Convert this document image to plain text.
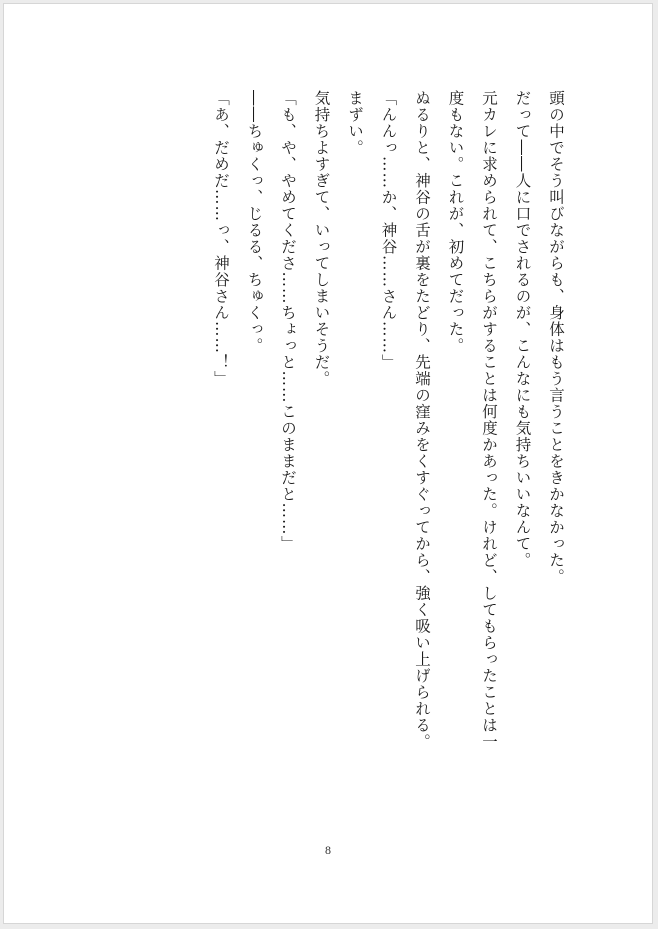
頭の中でそう叫びながらも、身体はもう言うことをきかなかった。
だって――人に口でされるのが、こんなにも気持ちいいなんて。
元カレに求められて、こちらがすることは何度かあった。けれど、してもらったことは一
度もない。これが、初めてだった。
ぬるりと、神谷の舌が裏をたどり、先端の窪みをくすぐってから、強く吸い上げられる。
「んんっ……か、神谷……さん……」
まずい。
気持ちよすぎて、いってしまいそうだ。
「も、や、やめてくださ……ちょっと……このままだと……」
――ちゅくっ、じるる、ちゅくっ。
「あ、だめだ……っ、神谷さん……！」
8
